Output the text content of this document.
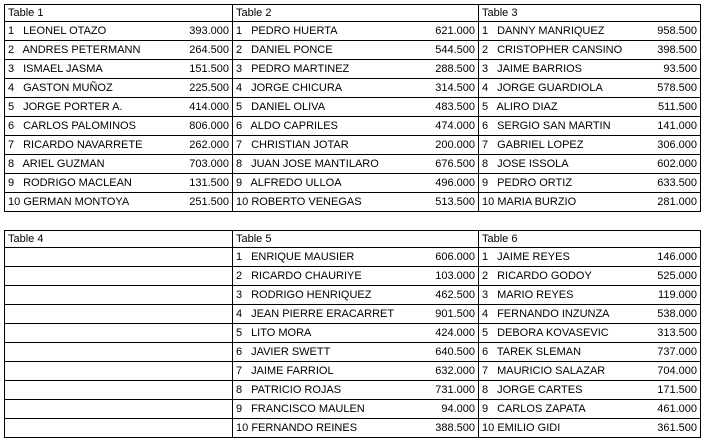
Table 1	Table 2	Table 3

1 LEONEL OTAZO 393.000	1 PEDRO HUERTA 621.000	1 DANNY MANRIQUEZ 958.500

2 ANDRES PETERMANN 264.500	2 DANIEL PONCE 544.500	2 CRISTOPHER CANSINO 398.500

3 ISMAEL JASMA 151.500	3 PEDRO MARTINEZ 288.500	3 JAIME BARRIOS 93.500

4 GASTON MUÑOZ 225.500	4 JORGE CHICURA 314.500	4 JORGE GUARDIOLA 578.500

5 JORGE PORTER A. 414.000	5 DANIEL OLIVA 483.500	5 ALIRO DIAZ 511.500

6 CARLOS PALOMINOS 806.000	6 ALDO CAPRILES 474.000	6 SERGIO SAN MARTIN 141.000

7 RICARDO NAVARRETE 262.000	7 CHRISTIAN JOTAR 200.000	7 GABRIEL LOPEZ 306.000

8 ARIEL GUZMAN 703.000	8 JUAN JOSE MANTILARO 676.500	8 JOSE ISSOLA 602.000

9 RODRIGO MACLEAN 131.500	9 ALFREDO ULLOA 496.000	9 PEDRO ORTIZ 633.500

10 GERMAN MONTOYA 251.500	10 ROBERTO VENEGAS 513.500	10 MARIA BURZIO 281.000
Table 4	Table 5	Table 6

	1 ENRIQUE MAUSIER 606.000	1 JAIME REYES 146.000

	2 RICARDO CHAURIYE 103.000	2 RICARDO GODOY 525.000

	3 RODRIGO HENRIQUEZ 462.500	3 MARIO REYES 119.000

	4 JEAN PIERRE ERACARRET 901.500	4 FERNANDO INZUNZA 538.000

	5 LITO MORA 424.000	5 DEBORA KOVASEVIC 313.500

	6 JAVIER SWETT 640.500	6 TAREK SLEMAN 737.000

	7 JAIME FARRIOL 632.000	7 MAURICIO SALAZAR 704.000

	8 PATRICIO ROJAS 731.000	8 JORGE CARTES 171.500

	9 FRANCISCO MAULEN 94.000	9 CARLOS ZAPATA 461.000

	10 FERNANDO REINES 388.500	10 EMILIO GIDI 361.500
